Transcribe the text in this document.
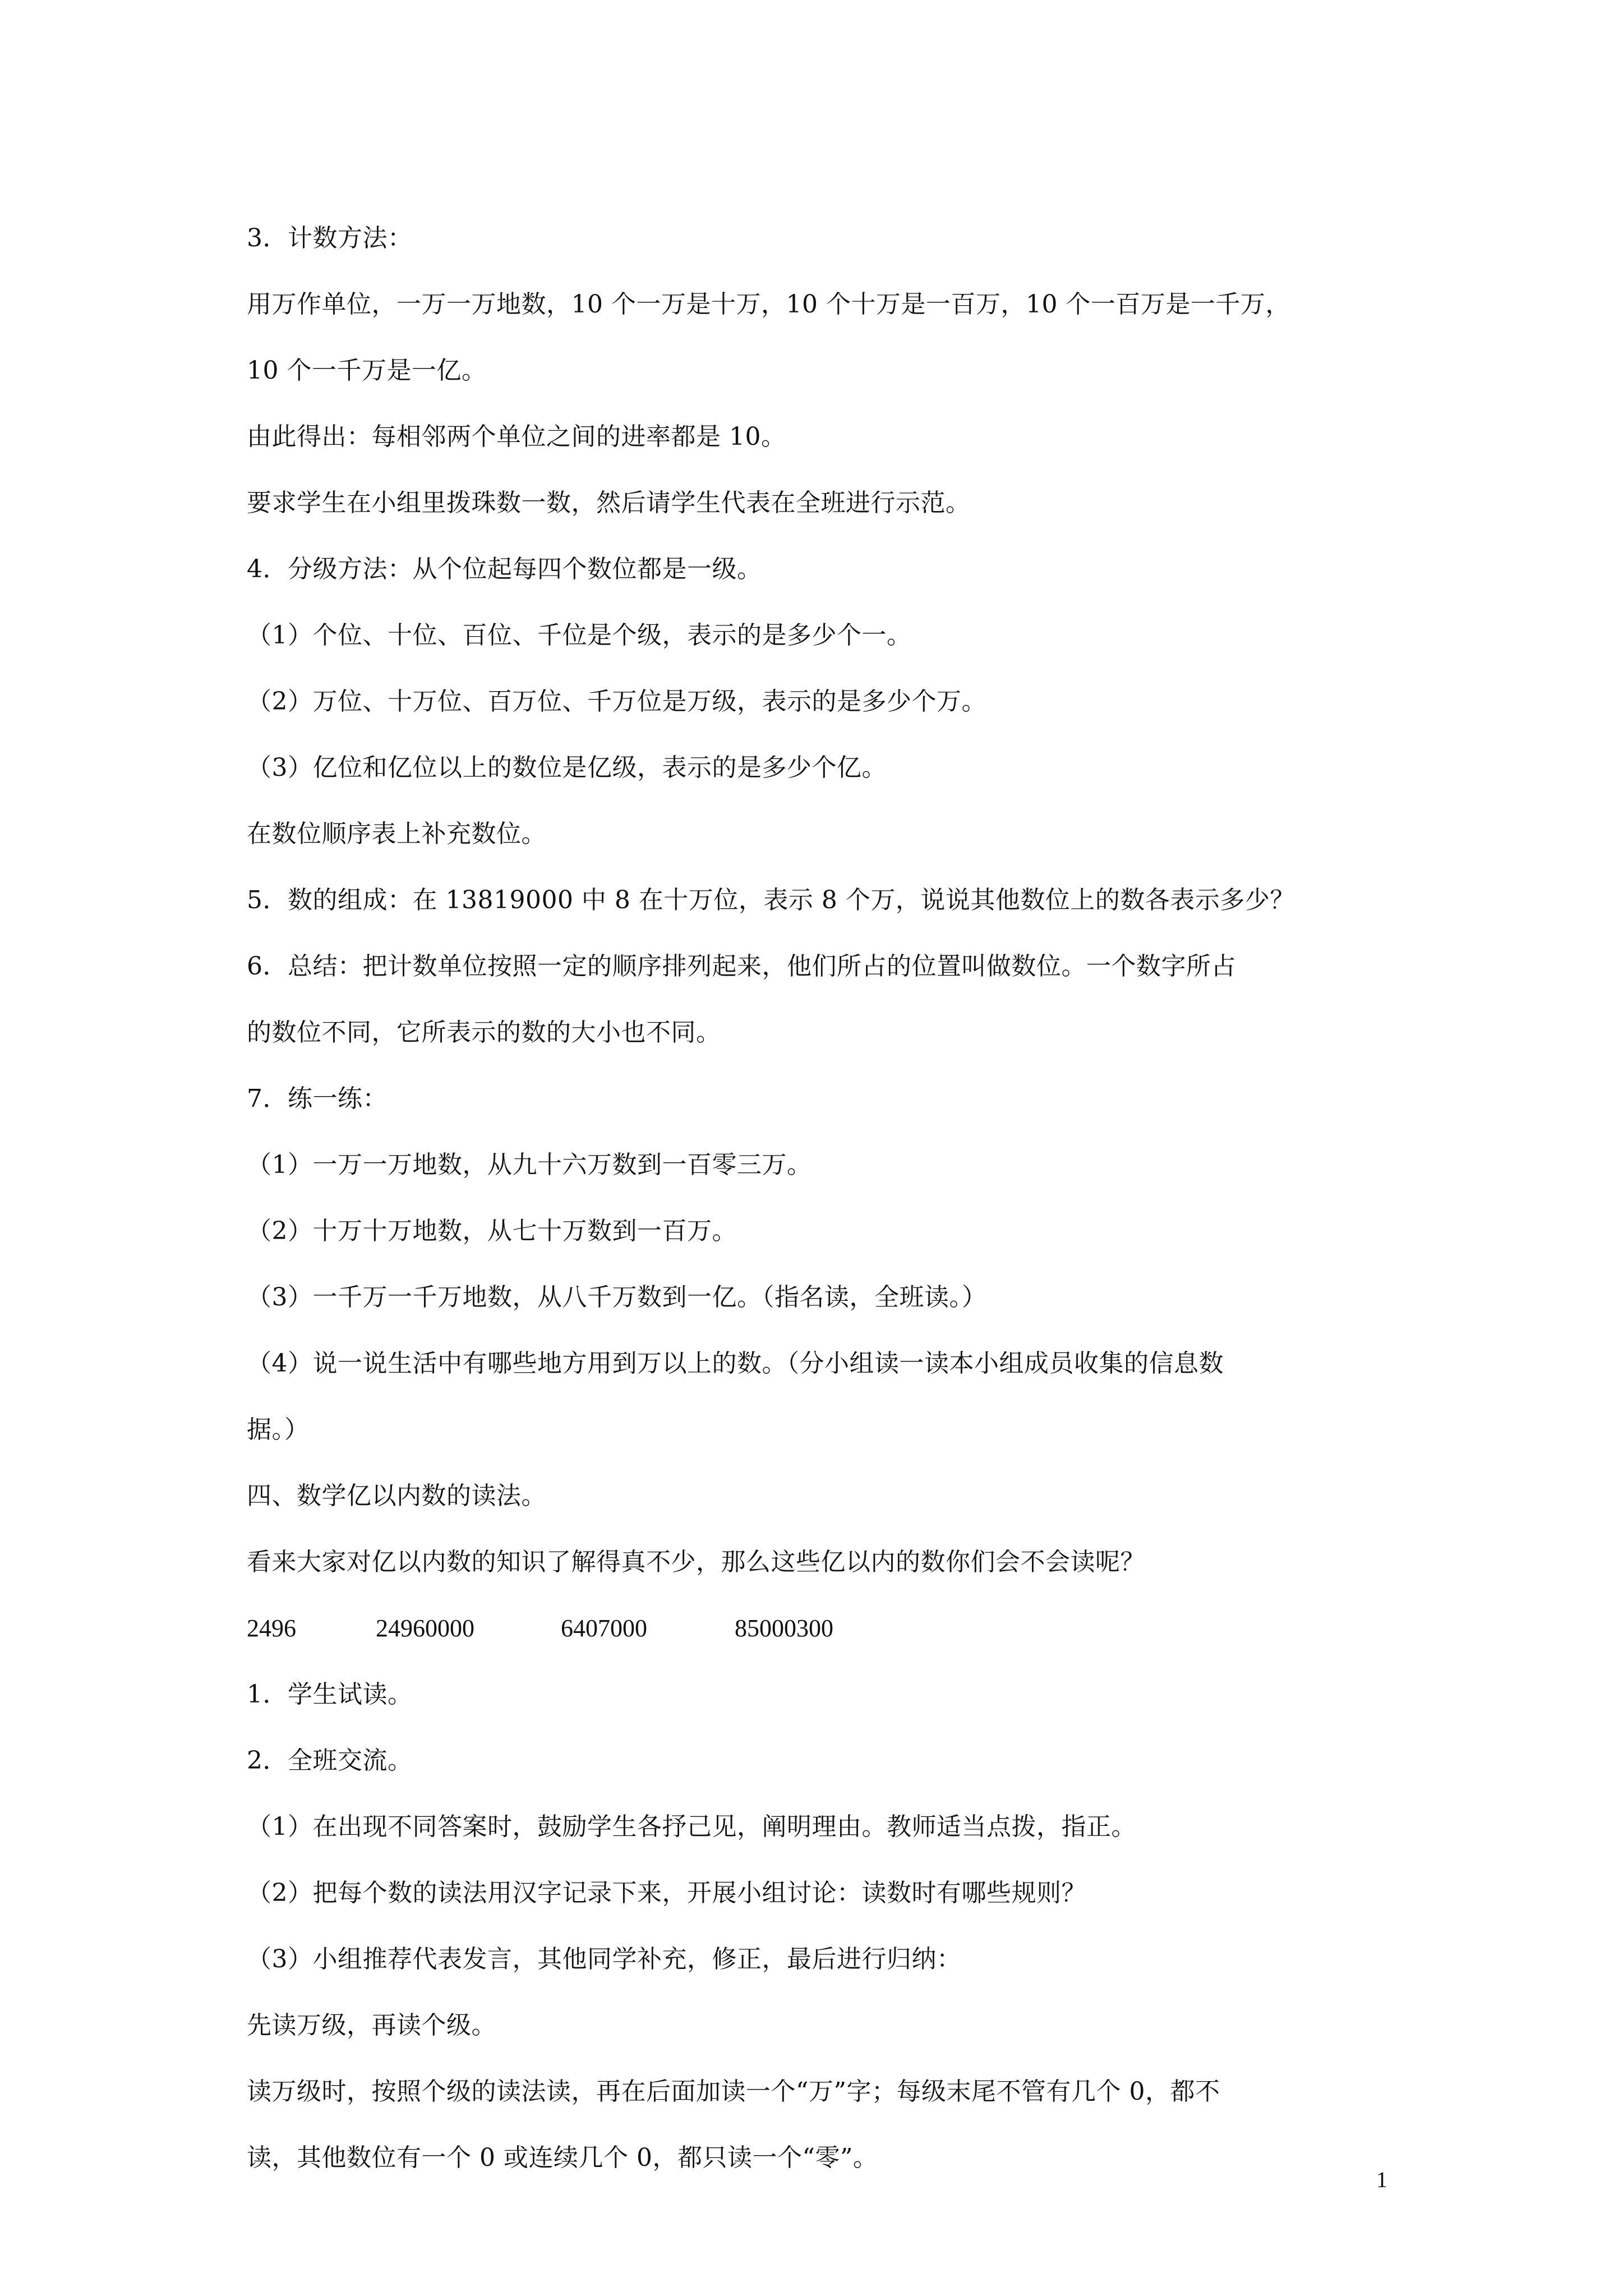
3．计数方法：
用万作单位，一万一万地数，10 个一万是十万，10 个十万是一百万，10 个一百万是一千万，
10 个一千万是一亿。
由此得出：每相邻两个单位之间的进率都是 10。
要求学生在小组里拨珠数一数，然后请学生代表在全班进行示范。
4．分级方法：从个位起每四个数位都是一级。
（1）个位、十位、百位、千位是个级，表示的是多少个一。
（2）万位、十万位、百万位、千万位是万级，表示的是多少个万。
（3）亿位和亿位以上的数位是亿级，表示的是多少个亿。
在数位顺序表上补充数位。
5．数的组成：在 13819000 中 8 在十万位，表示 8 个万，说说其他数位上的数各表示多少？
6．总结：把计数单位按照一定的顺序排列起来，他们所占的位置叫做数位。一个数字所占
的数位不同，它所表示的数的大小也不同。
7．练一练：
（1）一万一万地数，从九十六万数到一百零三万。
（2）十万十万地数，从七十万数到一百万。
（3）一千万一千万地数，从八千万数到一亿。（指名读，全班读。）
（4）说一说生活中有哪些地方用到万以上的数。（分小组读一读本小组成员收集的信息数
据。）
四、数学亿以内数的读法。
看来大家对亿以内数的知识了解得真不少，那么这些亿以内的数你们会不会读呢？
2496	24960000	6407000	85000300
1．学生试读。
2．全班交流。
（1）在出现不同答案时，鼓励学生各抒己见，阐明理由。教师适当点拨，指正。
（2）把每个数的读法用汉字记录下来，开展小组讨论：读数时有哪些规则？
（3）小组推荐代表发言，其他同学补充，修正，最后进行归纳：
先读万级，再读个级。
读万级时，按照个级的读法读，再在后面加读一个“万”字；每级末尾不管有几个 0，都不
读，其他数位有一个 0 或连续几个 0，都只读一个“零”。
1
